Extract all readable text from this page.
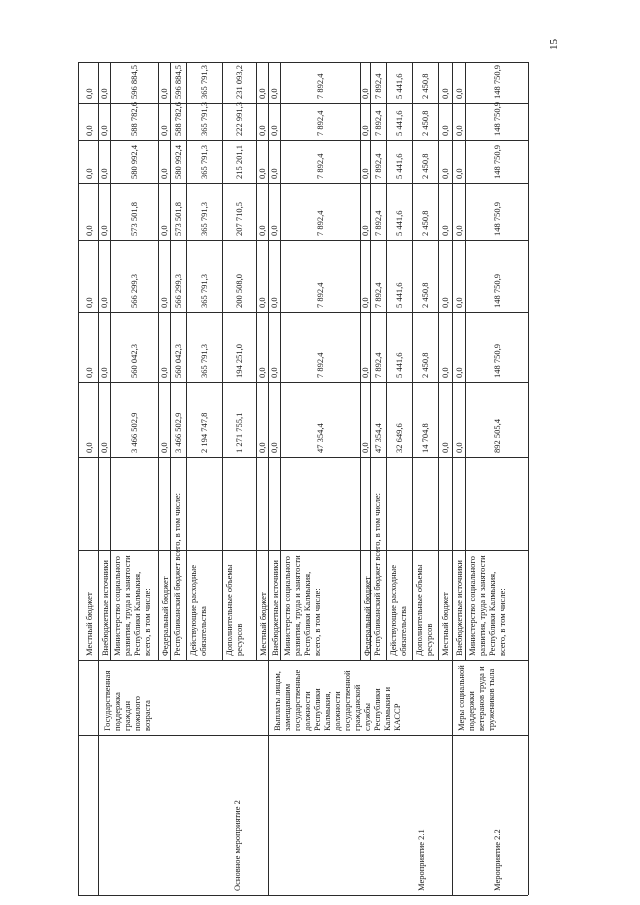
Местный бюджет
0,0
0,0
0,0
0,0
0,0
0,0
0,0
Внебюджетные источники
0,0
0,0
0,0
0,0
0,0
0,0
0,0
Министерство социального развития, труда и занятости Республики Калмыкия, всего, в том числе:
3 466 502,9
560 042,3
566 299,3
573 501,8
580 992,4
588 782,6
596 884,5
Федеральный бюджет
0,0
0,0
0,0
0,0
0,0
0,0
0,0
Республиканский бюджет всего, в том числе:
3 466 502,9
560 042,3
566 299,3
573 501,8
580 992,4
588 782,6
596 884,5
Действующие расходные обязательства
2 194 747,8
365 791,3
365 791,3
365 791,3
365 791,3
365 791,3
365 791,3
Дополнительные объемы ресурсов
1 271 755,1
194 251,0
200 508,0
207 710,5
215 201,1
222 991,3
231 093,2
Местный бюджет
0,0
0,0
0,0
0,0
0,0
0,0
0,0
Государственная поддержка граждан пожилого возраста
Основное мероприятие 2
Внебюджетные источники
0,0
0,0
0,0
0,0
0,0
0,0
0,0
Министерство социального развития, труда и занятости Республики Калмыкия, всего, в том числе:
47 354,4
7 892,4
7 892,4
7 892,4
7 892,4
7 892,4
7 892,4
Федеральный бюджет
0,0
0,0
0,0
0,0
0,0
0,0
0,0
Республиканский бюджет всего, в том числе:
47 354,4
7 892,4
7 892,4
7 892,4
7 892,4
7 892,4
7 892,4
Действующие расходные обязательства
32 649,6
5 441,6
5 441,6
5 441,6
5 441,6
5 441,6
5 441,6
Дополнительные объемы ресурсов
14 704,8
2 450,8
2 450,8
2 450,8
2 450,8
2 450,8
2 450,8
Местный бюджет
0,0
0,0
0,0
0,0
0,0
0,0
0,0
Выплаты лицам, замещавшим государственные должности Республики Калмыкия, должности государственной гражданской службы Республики Калмыкия и КАССР
Мероприятие 2.1
Внебюджетные источники
0,0
0,0
0,0
0,0
0,0
0,0
0,0
Министерство социального развития, труда и занятости Республики Калмыкия, всего, в том числе:
892 505,4
148 750,9
148 750,9
148 750,9
148 750,9
148 750,9
148 750,9
Меры социальной поддержки ветеранов труда и тружеников тыла
Мероприятие 2.2
15
